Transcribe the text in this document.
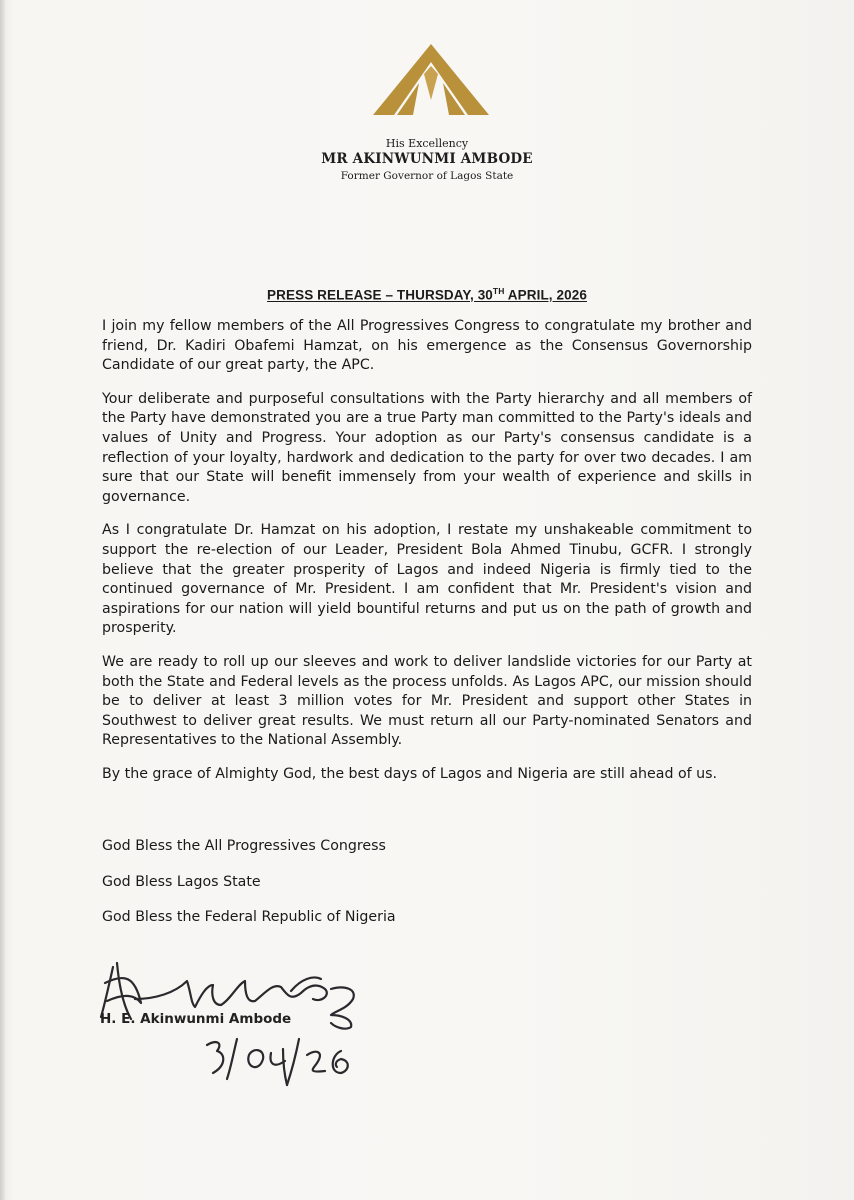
His Excellency
MR AKINWUNMI AMBODE
Former Governor of Lagos State
PRESS RELEASE – THURSDAY, 30TH APRIL, 2026

I join my fellow members of the All Progressives Congress to congratulate my brother and friend, Dr. Kadiri Obafemi Hamzat, on his emergence as the Consensus Governorship Candidate of our great party, the APC.

Your deliberate and purposeful consultations with the Party hierarchy and all members of the Party have demonstrated you are a true Party man committed to the Party's ideals and values of Unity and Progress. Your adoption as our Party's consensus candidate is a reflection of your loyalty, hardwork and dedication to the party for over two decades. I am sure that our State will benefit immensely from your wealth of experience and skills in governance.

As I congratulate Dr. Hamzat on his adoption, I restate my unshakeable commitment to support the re-election of our Leader, President Bola Ahmed Tinubu, GCFR. I strongly believe that the greater prosperity of Lagos and indeed Nigeria is firmly tied to the continued governance of Mr. President. I am confident that Mr. President's vision and aspirations for our nation will yield bountiful returns and put us on the path of growth and prosperity.

We are ready to roll up our sleeves and work to deliver landslide victories for our Party at both the State and Federal levels as the process unfolds. As Lagos APC, our mission should be to deliver at least 3 million votes for Mr. President and support other States in Southwest to deliver great results. We must return all our Party-nominated Senators and Representatives to the National Assembly.

By the grace of Almighty God, the best days of Lagos and Nigeria are still ahead of us.

God Bless the All Progressives Congress
God Bless Lagos State
God Bless the Federal Republic of Nigeria
H. E. Akinwunmi Ambode
